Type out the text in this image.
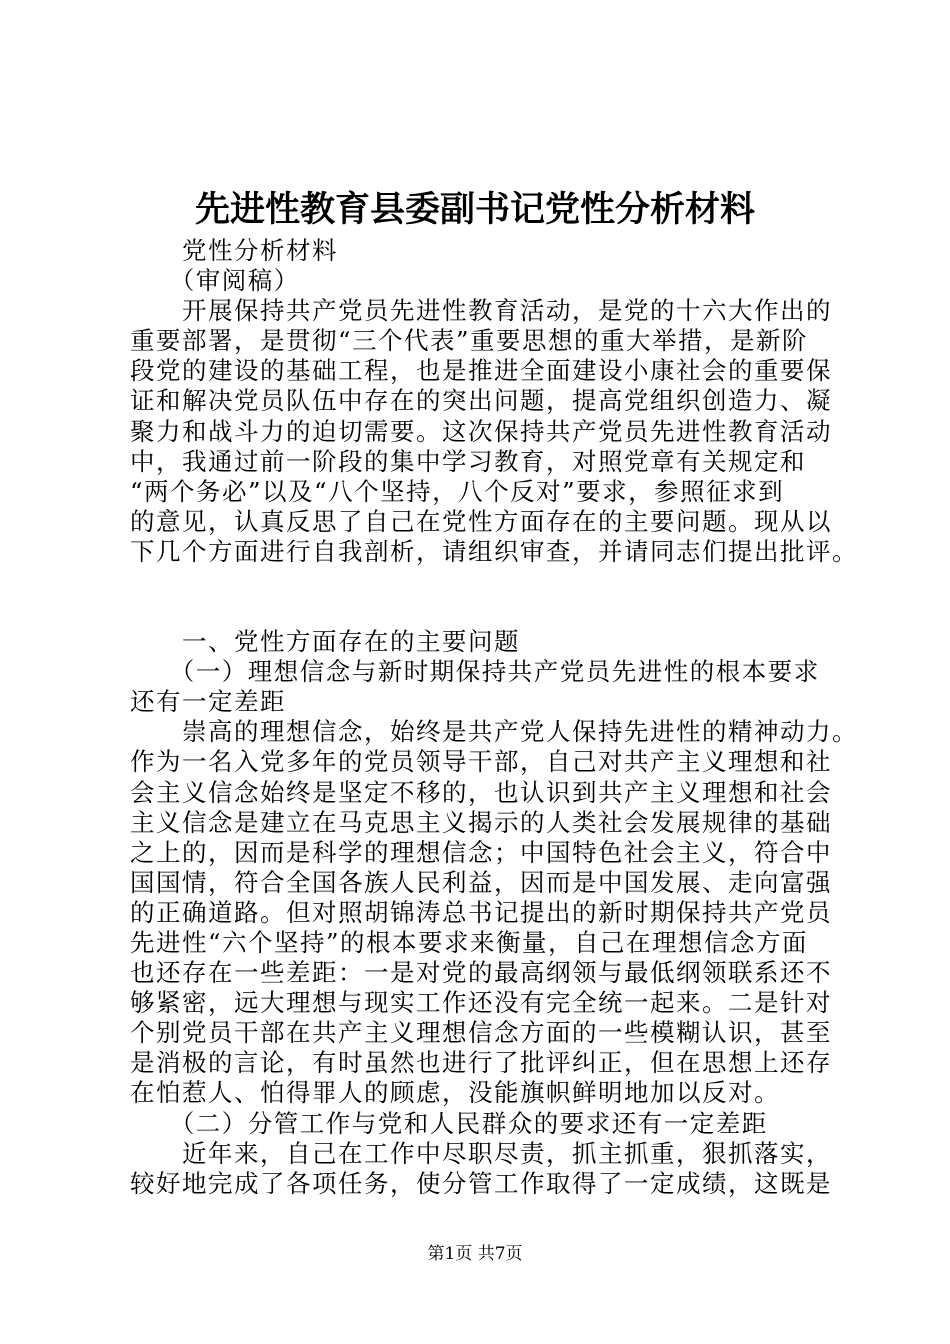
先进性教育县委副书记党性分析材料
　　党性分析材料
　　（审阅稿）
　　开展保持共产党员先进性教育活动，是党的十六大作出的
重要部署，是贯彻“三个代表”重要思想的重大举措，是新阶
段党的建设的基础工程，也是推进全面建设小康社会的重要保
证和解决党员队伍中存在的突出问题，提高党组织创造力、凝
聚力和战斗力的迫切需要。这次保持共产党员先进性教育活动
中，我通过前一阶段的集中学习教育，对照党章有关规定和
“两个务必”以及“八个坚持，八个反对”要求，参照征求到
的意见，认真反思了自己在党性方面存在的主要问题。现从以
下几个方面进行自我剖析，请组织审查，并请同志们提出批评。
　　一、党性方面存在的主要问题
　　（一）理想信念与新时期保持共产党员先进性的根本要求
还有一定差距
　　崇高的理想信念，始终是共产党人保持先进性的精神动力。
作为一名入党多年的党员领导干部，自己对共产主义理想和社
会主义信念始终是坚定不移的，也认识到共产主义理想和社会
主义信念是建立在马克思主义揭示的人类社会发展规律的基础
之上的，因而是科学的理想信念；中国特色社会主义，符合中
国国情，符合全国各族人民利益，因而是中国发展、走向富强
的正确道路。但对照胡锦涛总书记提出的新时期保持共产党员
先进性“六个坚持”的根本要求来衡量，自己在理想信念方面
也还存在一些差距：一是对党的最高纲领与最低纲领联系还不
够紧密，远大理想与现实工作还没有完全统一起来。二是针对
个别党员干部在共产主义理想信念方面的一些模糊认识，甚至
是消极的言论，有时虽然也进行了批评纠正，但在思想上还存
在怕惹人、怕得罪人的顾虑，没能旗帜鲜明地加以反对。
　　（二）分管工作与党和人民群众的要求还有一定差距
　　近年来，自己在工作中尽职尽责，抓主抓重，狠抓落实，
较好地完成了各项任务，使分管工作取得了一定成绩，这既是
第1页 共7页
